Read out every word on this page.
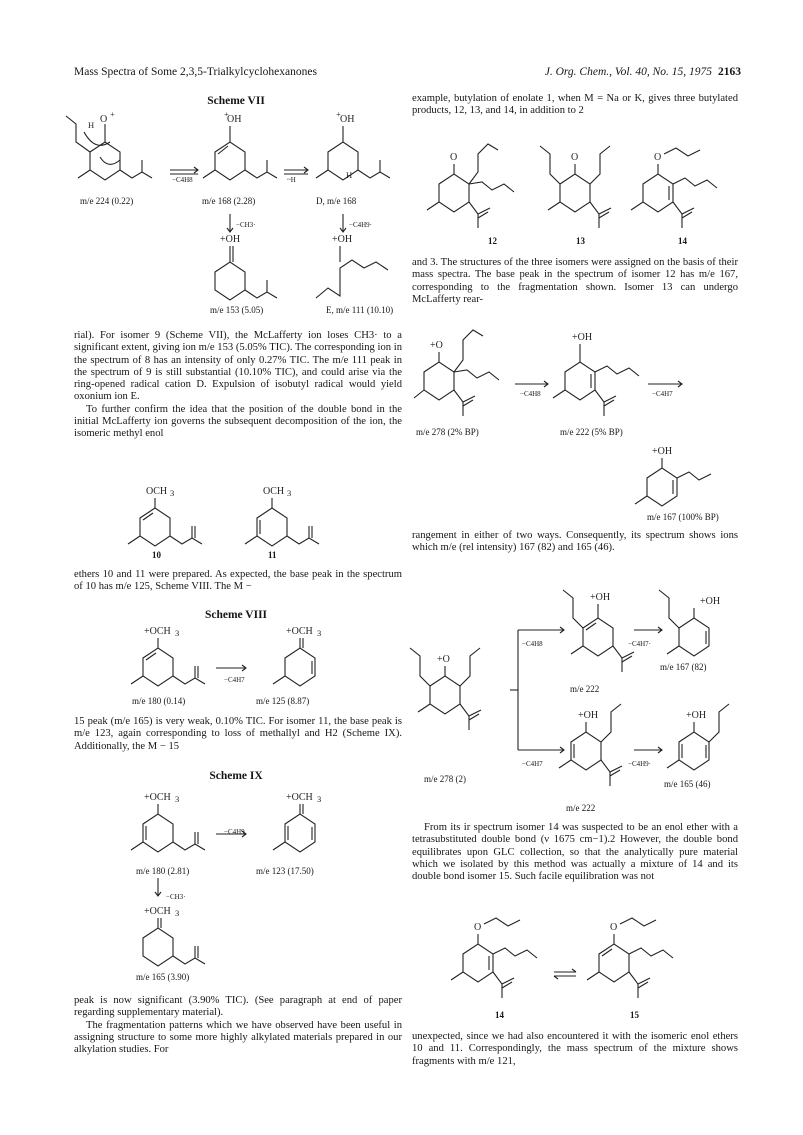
Mass Spectra of Some 2,3,5-Trialkylcyclohexanones	J. Org. Chem., Vol. 40, No. 15, 1975 2163
Scheme VII
O +
H	OH
+	OH
+
H
+OH	+OH
m/e 224 (0.22)	m/e 168 (2.28)	D, m/e 168
m/e 153 (5.05)	E, m/e 111 (10.10)
−C4H8	~H
−CH3·	−C4H9·

rial). For isomer 9 (Scheme VII), the McLafferty ion loses CH3· to a significant extent, giving ion m/e 153 (5.05% TIC). The corresponding ion in the spectrum of 8 has an intensity of only 0.27% TIC. The m/e 111 peak in the spectrum of 9 is still substantial (10.10% TIC), and could arise via the ring-opened radical cation D. Expulsion of isobutyl radical would yield oxonium ion E.

To further confirm the idea that the position of the double bond in the initial McLafferty ion governs the subsequent decomposition of the ion, the isomeric methyl enol

OCH 3	OCH 3
10	11

ethers 10 and 11 were prepared. As expected, the base peak in the spectrum of 10 has m/e 125, Scheme VIII. The M −

Scheme VIII
+OCH 3	+OCH 3
m/e 180 (0.14)	m/e 125 (8.87)
−C4H7

15 peak (m/e 165) is very weak, 0.10% TIC. For isomer 11, the base peak is m/e 123, again corresponding to loss of methallyl and H2 (Scheme IX). Additionally, the M − 15

Scheme IX
+OCH 3	+OCH 3
+OCH 3
m/e 180 (2.81)	m/e 123 (17.50)
m/e 165 (3.90)
−C4H9
−CH3·

peak is now significant (3.90% TIC). (See paragraph at end of paper regarding supplementary material).

The fragmentation patterns which we have observed have been useful in assigning structure to some more highly alkylated materials prepared in our alkylation studies. For

example, butylation of enolate 1, when M = Na or K, gives three butylated products, 12, 13, and 14, in addition to 2

O	O	O
12	13	14

and 3. The structures of the three isomers were assigned on the basis of their mass spectra. The base peak in the spectrum of isomer 12 has m/e 167, corresponding to the fragmentation shown. Isomer 13 can undergo McLafferty rear-

+O
+OH
+OH
m/e 278 (2% BP)	m/e 222 (5% BP)
m/e 167 (100% BP)
−C4H8	−C4H7

rangement in either of two ways. Consequently, its spectrum shows ions which m/e (rel intensity) 167 (82) and 165 (46).

+O
+OH	+OH
+OH	+OH
m/e 278 (2)
m/e 222
m/e 167 (82)
m/e 222
m/e 165 (46)
−C4H8	−C4H7·
−C4H7	−C4H9·

From its ir spectrum isomer 14 was suspected to be an enol ether with a tetrasubstituted double bond (ν 1675 cm−1).2 However, the double bond equilibrates upon GLC collection, so that the analytically pure material which we isolated by this method was actually a mixture of 14 and its double bond isomer 15. Such facile equilibration was not

O	O
14	15

unexpected, since we had also encountered it with the isomeric enol ethers 10 and 11. Correspondingly, the mass spectrum of the mixture shows fragments with m/e 121,
